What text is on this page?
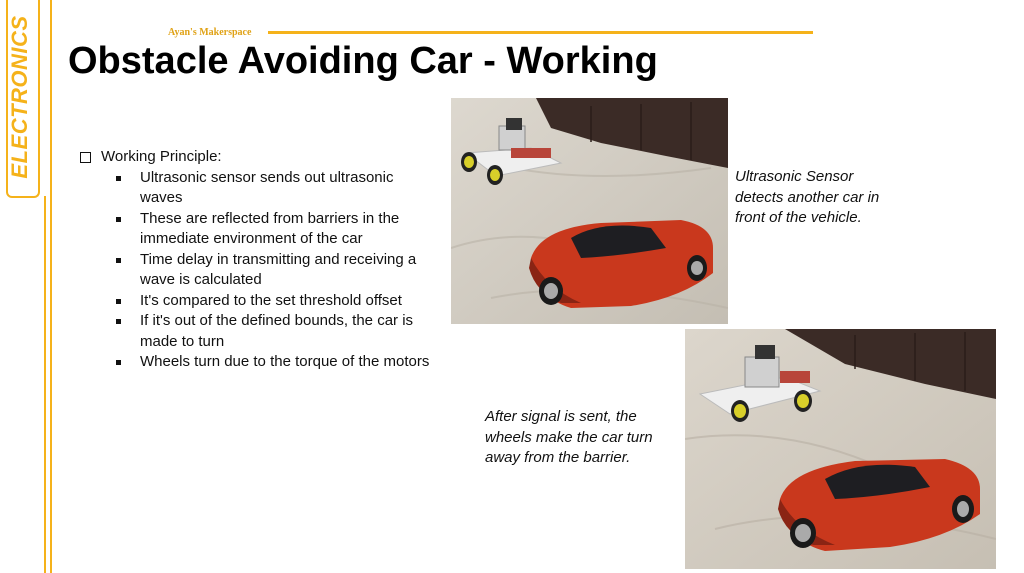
ELECTRONICS	Ayan's Makerspace
Obstacle Avoiding Car - Working
Working Principle:
Ultrasonic sensor sends out ultrasonic waves
These are reflected from barriers in the immediate environment of the car
Time delay in transmitting and receiving a wave is calculated
It's compared to the set threshold offset
If it's out of the defined bounds, the car is made to turn
Wheels turn due to the torque of the motors
Ultrasonic Sensor detects another car in front of the vehicle.
After signal is sent, the wheels make the car turn away from the barrier.
